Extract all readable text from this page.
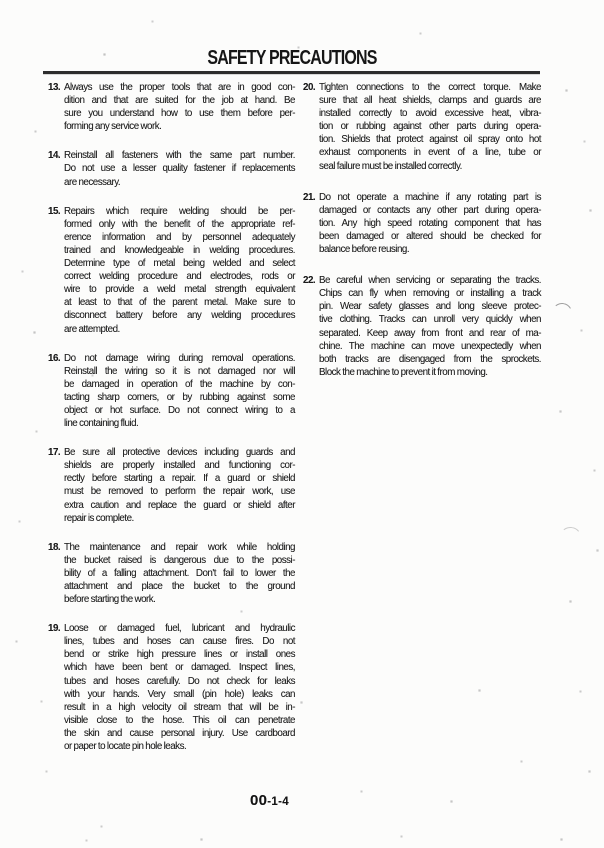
SAFETY PRECAUTIONS
13. Always use the proper tools that are in good con-
dition and that are suited for the job at hand. Be
sure you understand how to use them before per-
forming any service work.
14. Reinstall all fasteners with the same part number.
Do not use a lesser quality fastener if replacements
are necessary.
15. Repairs which require welding should be per-
formed only with the benefit of the appropriate ref-
erence information and by personnel adequately
trained and knowledgeable in welding procedures.
Determine type of metal being welded and select
correct welding procedure and electrodes, rods or
wire to provide a weld metal strength equivalent
at least to that of the parent metal. Make sure to
disconnect battery before any welding procedures
are attempted.
16. Do not damage wiring during removal operations.
Reinstall the wiring so it is not damaged nor will
be damaged in operation of the machine by con-
tacting sharp corners, or by rubbing against some
object or hot surface. Do not connect wiring to a
line containing fluid.
17. Be sure all protective devices including guards and
shields are properly installed and functioning cor-
rectly before starting a repair. If a guard or shield
must be removed to perform the repair work, use
extra caution and replace the guard or shield after
repair is complete.
18. The maintenance and repair work while holding
the bucket raised is dangerous due to the possi-
bility of a falling attachment. Don't fail to lower the
attachment and place the bucket to the ground
before starting the work.
19. Loose or damaged fuel, lubricant and hydraulic
lines, tubes and hoses can cause fires. Do not
bend or strike high pressure lines or install ones
which have been bent or damaged. Inspect lines,
tubes and hoses carefully. Do not check for leaks
with your hands. Very small (pin hole) leaks can
result in a high velocity oil stream that will be in-
visible close to the hose. This oil can penetrate
the skin and cause personal injury. Use cardboard
or paper to locate pin hole leaks.
20. Tighten connections to the correct torque. Make
sure that all heat shields, clamps and guards are
installed correctly to avoid excessive heat, vibra-
tion or rubbing against other parts during opera-
tion. Shields that protect against oil spray onto hot
exhaust components in event of a line, tube or
seal failure must be installed correctly.
21. Do not operate a machine if any rotating part is
damaged or contacts any other part during opera-
tion. Any high speed rotating component that has
been damaged or altered should be checked for
balance before reusing.
22. Be careful when servicing or separating the tracks.
Chips can fly when removing or installing a track
pin. Wear safety glasses and long sleeve protec-
tive clothing. Tracks can unroll very quickly when
separated. Keep away from front and rear of ma-
chine. The machine can move unexpectedly when
both tracks are disengaged from the sprockets.
Block the machine to prevent it from moving.
00-1-4
